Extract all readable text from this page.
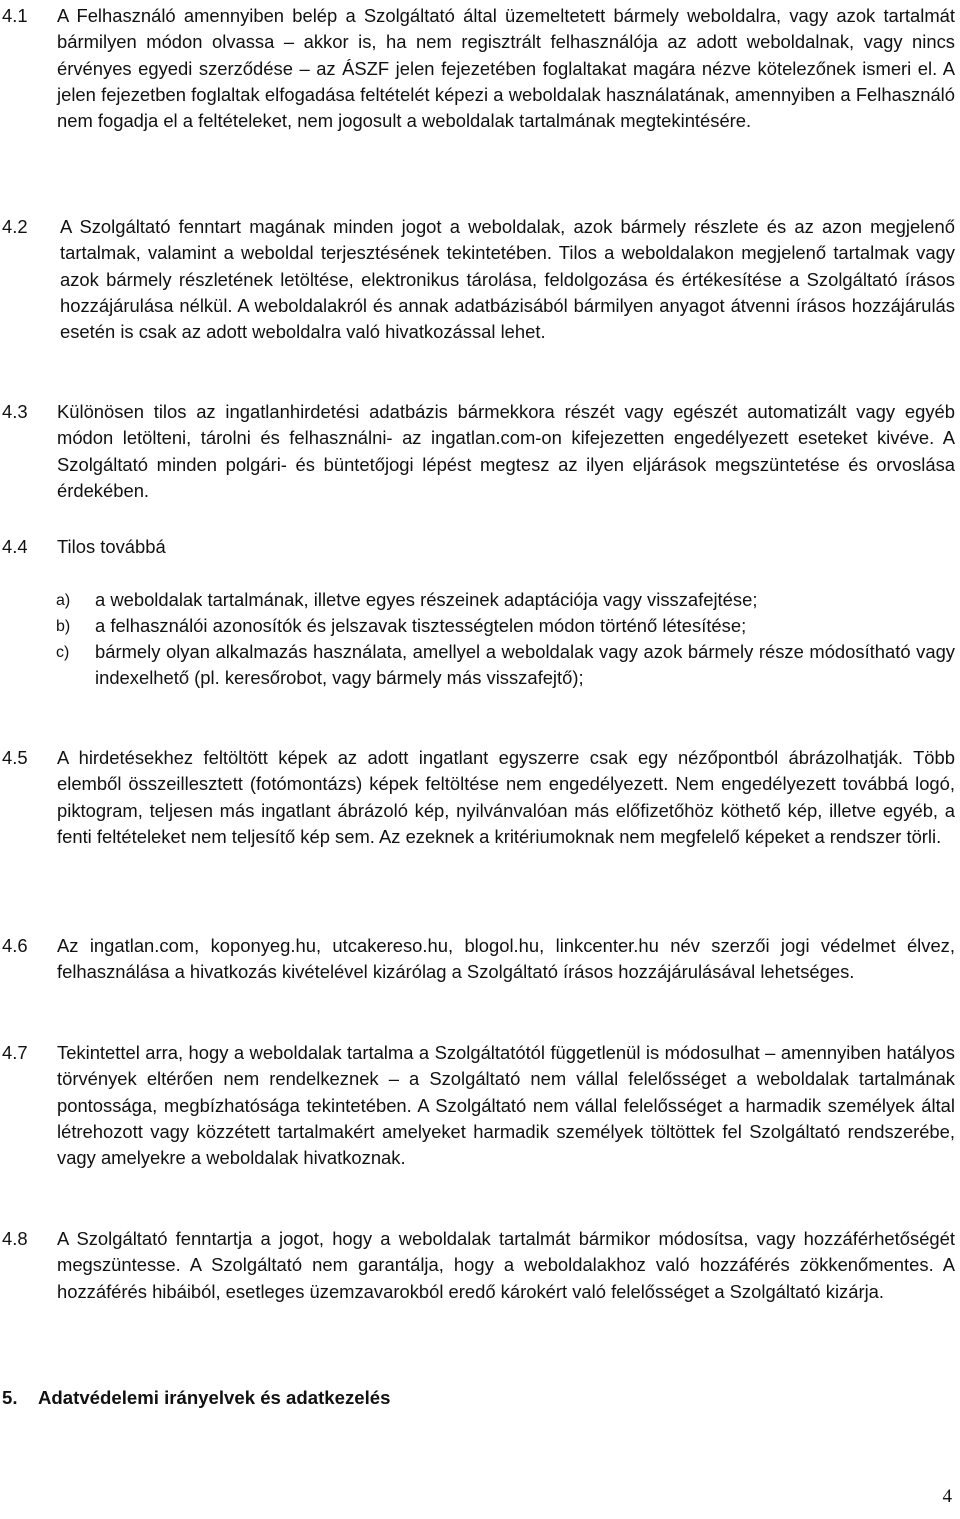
4.1 A Felhasználó amennyiben belép a Szolgáltató által üzemeltetett bármely weboldalra, vagy azok tartalmát bármilyen módon olvassa – akkor is, ha nem regisztrált felhasználója az adott weboldalnak, vagy nincs érvényes egyedi szerződése – az ÁSZF jelen fejezetében foglaltakat magára nézve kötelezőnek ismeri el. A jelen fejezetben foglaltak elfogadása feltételét képezi a weboldalak használatának, amennyiben a Felhasználó nem fogadja el a feltételeket, nem jogosult a weboldalak tartalmának megtekintésére.

4.2 A Szolgáltató fenntart magának minden jogot a weboldalak, azok bármely részlete és az azon megjelenő tartalmak, valamint a weboldal terjesztésének tekintetében. Tilos a weboldalakon megjelenő tartalmak vagy azok bármely részletének letöltése, elektronikus tárolása, feldolgozása és értékesítése a Szolgáltató írásos hozzájárulása nélkül. A weboldalakról és annak adatbázisából bármilyen anyagot átvenni írásos hozzájárulás esetén is csak az adott weboldalra való hivatkozással lehet.

4.3 Különösen tilos az ingatlanhirdetési adatbázis bármekkora részét vagy egészét automatizált vagy egyéb módon letölteni, tárolni és felhasználni- az ingatlan.com-on kifejezetten engedélyezett eseteket kivéve. A Szolgáltató minden polgári- és büntetőjogi lépést megtesz az ilyen eljárások megszüntetése és orvoslása érdekében.

4.4 Tilos továbbá

a) a weboldalak tartalmának, illetve egyes részeinek adaptációja vagy visszafejtése;

b) a felhasználói azonosítók és jelszavak tisztességtelen módon történő létesítése;

c) bármely olyan alkalmazás használata, amellyel a weboldalak vagy azok bármely része módosítható vagy indexelhető (pl. keresőrobot, vagy bármely más visszafejtő);

4.5 A hirdetésekhez feltöltött képek az adott ingatlant egyszerre csak egy nézőpontból ábrázolhatják. Több elemből összeillesztett (fotómontázs) képek feltöltése nem engedélyezett. Nem engedélyezett továbbá logó, piktogram, teljesen más ingatlant ábrázoló kép, nyilvánvalóan más előfizetőhöz köthető kép, illetve egyéb, a fenti feltételeket nem teljesítő kép sem. Az ezeknek a kritériumoknak nem megfelelő képeket a rendszer törli.

4.6 Az ingatlan.com, koponyeg.hu, utcakereso.hu, blogol.hu, linkcenter.hu név szerzői jogi védelmet élvez, felhasználása a hivatkozás kivételével kizárólag a Szolgáltató írásos hozzájárulásával lehetséges.

4.7 Tekintettel arra, hogy a weboldalak tartalma a Szolgáltatótól függetlenül is módosulhat – amennyiben hatályos törvények eltérően nem rendelkeznek – a Szolgáltató nem vállal felelősséget a weboldalak tartalmának pontossága, megbízhatósága tekintetében. A Szolgáltató nem vállal felelősséget a harmadik személyek által létrehozott vagy közzétett tartalmakért amelyeket harmadik személyek töltöttek fel Szolgáltató rendszerébe, vagy amelyekre a weboldalak hivatkoznak.

4.8 A Szolgáltató fenntartja a jogot, hogy a weboldalak tartalmát bármikor módosítsa, vagy hozzáférhetőségét megszüntesse. A Szolgáltató nem garantálja, hogy a weboldalakhoz való hozzáférés zökkenőmentes. A hozzáférés hibáiból, esetleges üzemzavarokból eredő károkért való felelősséget a Szolgáltató kizárja.

5. Adatvédelemi irányelvek és adatkezelés
4
